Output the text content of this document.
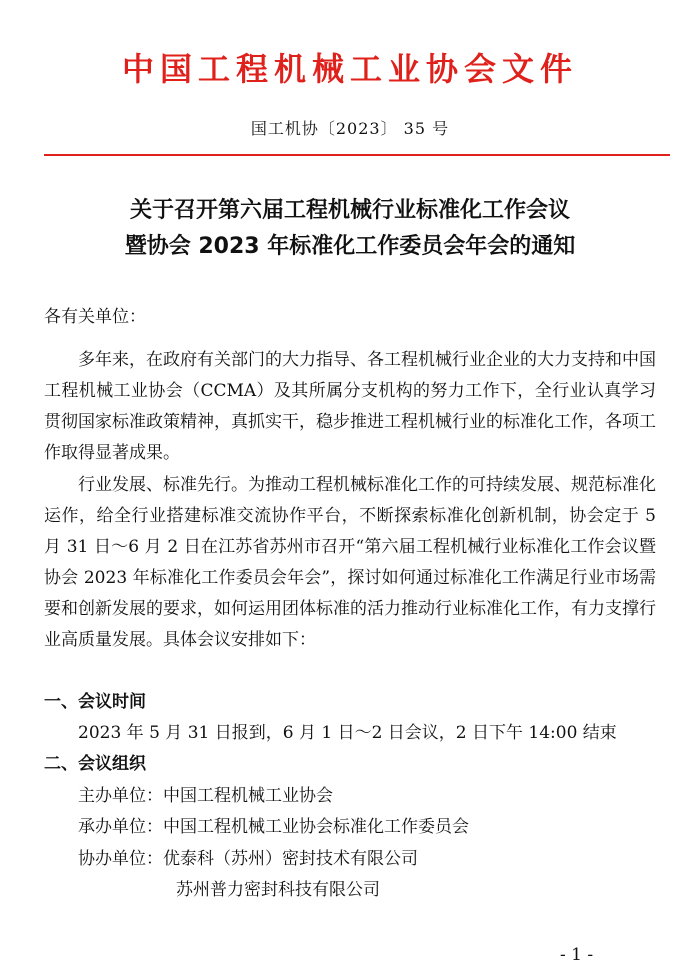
中国工程机械工业协会文件
国工机协〔2023〕 35 号
关于召开第六届工程机械行业标准化工作会议
暨协会 2023 年标准化工作委员会年会的通知
各有关单位：

多年来，在政府有关部门的大力指导、各工程机械行业企业的大力支持和中国工程机械工业协会（CCMA）及其所属分支机构的努力工作下，全行业认真学习贯彻国家标准政策精神，真抓实干，稳步推进工程机械行业的标准化工作，各项工作取得显著成果。

行业发展、标准先行。为推动工程机械标准化工作的可持续发展、规范标准化运作，给全行业搭建标准交流协作平台，不断探索标准化创新机制，协会定于 5 月 31 日～6 月 2 日在江苏省苏州市召开“第六届工程机械行业标准化工作会议暨协会 2023 年标准化工作委员会年会”，探讨如何通过标准化工作满足行业市场需要和创新发展的要求，如何运用团体标准的活力推动行业标准化工作，有力支撑行业高质量发展。具体会议安排如下：

一、会议时间
2023 年 5 月 31 日报到，6 月 1 日～2 日会议，2 日下午 14:00 结束
二、会议组织
主办单位：中国工程机械工业协会
承办单位：中国工程机械工业协会标准化工作委员会
协办单位：优泰科（苏州）密封技术有限公司
苏州普力密封科技有限公司
- 1 -
